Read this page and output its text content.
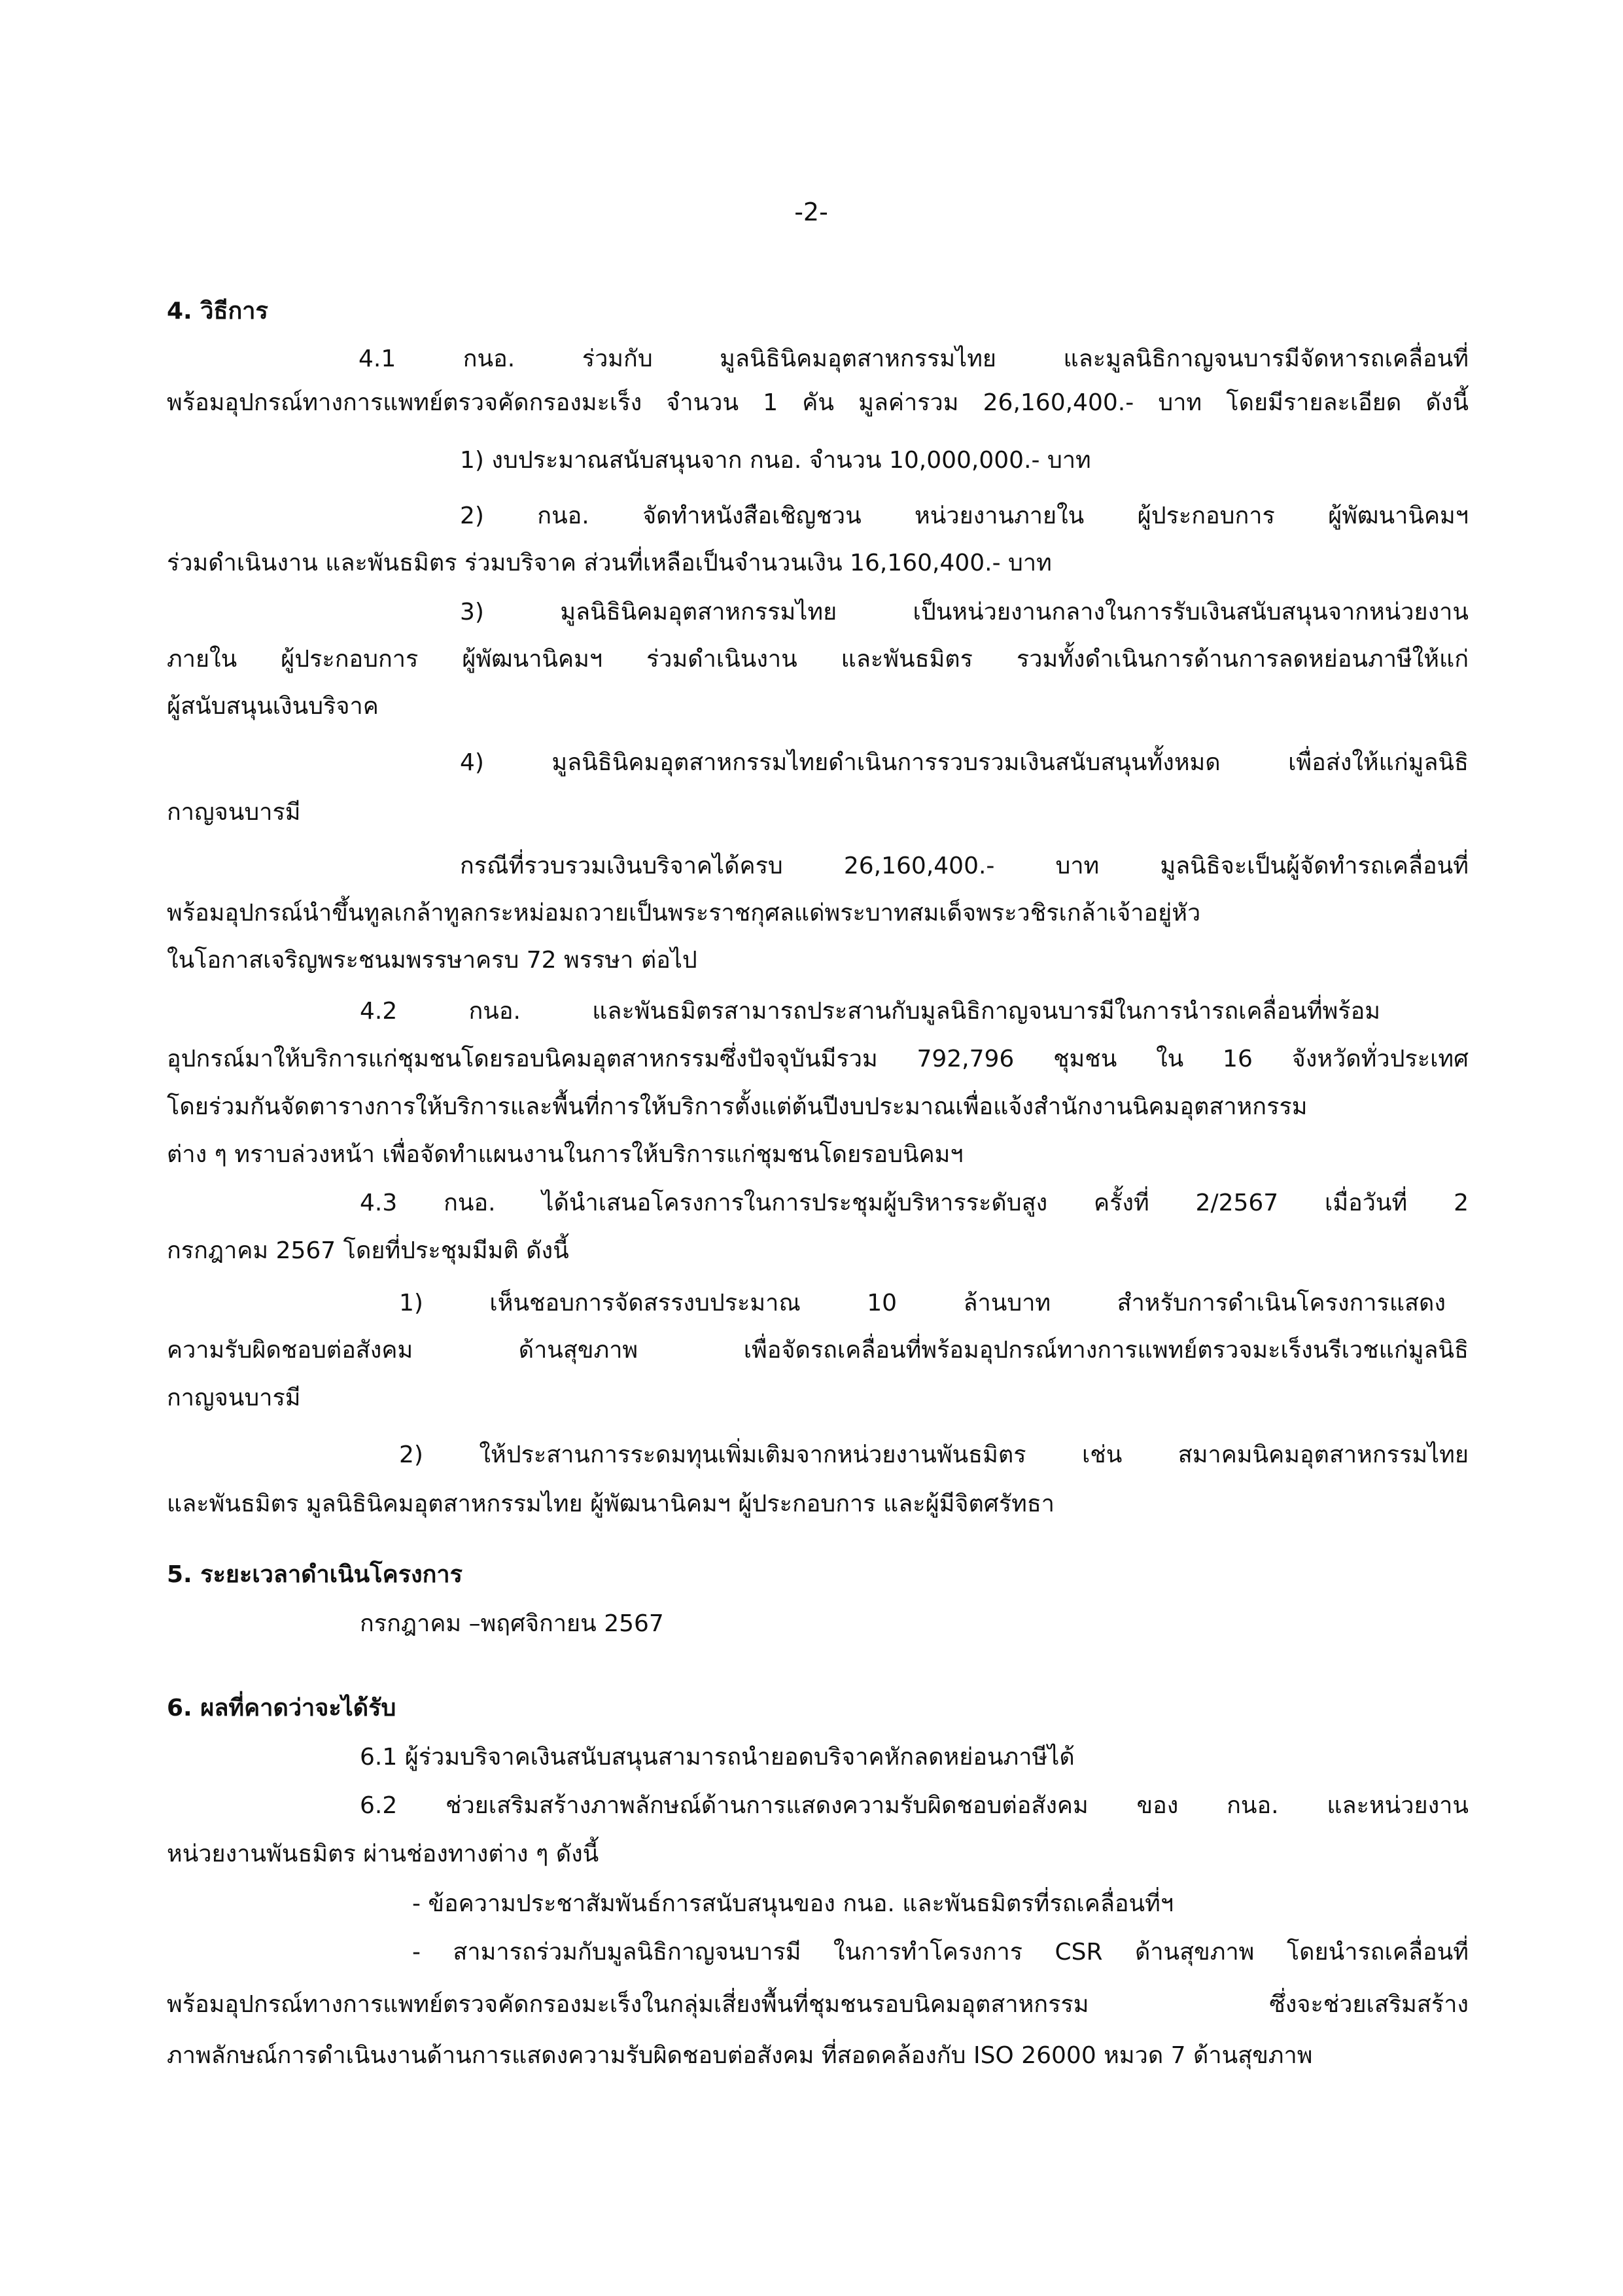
-2-
4. วิธีการ
4.1 กนอ. ร่วมกับ มูลนิธินิคมอุตสาหกรรมไทย และมูลนิธิกาญจนบารมีจัดหารถเคลื่อนที่
พร้อมอุปกรณ์ทางการแพทย์ตรวจคัดกรองมะเร็ง จำนวน 1 คัน มูลค่ารวม 26,160,400.- บาท โดยมีรายละเอียด ดังนี้
1) งบประมาณสนับสนุนจาก กนอ. จำนวน 10,000,000.- บาท
2) กนอ. จัดทำหนังสือเชิญชวน หน่วยงานภายใน ผู้ประกอบการ ผู้พัฒนานิคมฯ
ร่วมดำเนินงาน และพันธมิตร ร่วมบริจาค ส่วนที่เหลือเป็นจำนวนเงิน 16,160,400.- บาท
3) มูลนิธินิคมอุตสาหกรรมไทย เป็นหน่วยงานกลางในการรับเงินสนับสนุนจากหน่วยงาน
ภายใน ผู้ประกอบการ ผู้พัฒนานิคมฯ ร่วมดำเนินงาน และพันธมิตร รวมทั้งดำเนินการด้านการลดหย่อนภาษีให้แก่
ผู้สนับสนุนเงินบริจาค
4) มูลนิธินิคมอุตสาหกรรมไทยดำเนินการรวบรวมเงินสนับสนุนทั้งหมด เพื่อส่งให้แก่มูลนิธิ
กาญจนบารมี
กรณีที่รวบรวมเงินบริจาคได้ครบ 26,160,400.- บาท มูลนิธิจะเป็นผู้จัดทำรถเคลื่อนที่
พร้อมอุปกรณ์นำขึ้นทูลเกล้าทูลกระหม่อมถวายเป็นพระราชกุศลแด่พระบาทสมเด็จพระวชิรเกล้าเจ้าอยู่หัว
ในโอกาสเจริญพระชนมพรรษาครบ 72 พรรษา ต่อไป
4.2 กนอ. และพันธมิตรสามารถประสานกับมูลนิธิกาญจนบารมีในการนำรถเคลื่อนที่พร้อม
อุปกรณ์มาให้บริการแก่ชุมชนโดยรอบนิคมอุตสาหกรรมซึ่งปัจจุบันมีรวม 792,796 ชุมชน ใน 16 จังหวัดทั่วประเทศ
โดยร่วมกันจัดตารางการให้บริการและพื้นที่การให้บริการตั้งแต่ต้นปีงบประมาณเพื่อแจ้งสำนักงานนิคมอุตสาหกรรม
ต่าง ๆ ทราบล่วงหน้า เพื่อจัดทำแผนงานในการให้บริการแก่ชุมชนโดยรอบนิคมฯ
4.3 กนอ. ได้นำเสนอโครงการในการประชุมผู้บริหารระดับสูง ครั้งที่ 2/2567 เมื่อวันที่ 2
กรกฎาคม 2567 โดยที่ประชุมมีมติ ดังนี้
1) เห็นชอบการจัดสรรงบประมาณ 10 ล้านบาท สำหรับการดำเนินโครงการแสดง
ความรับผิดชอบต่อสังคม ด้านสุขภาพ เพื่อจัดรถเคลื่อนที่พร้อมอุปกรณ์ทางการแพทย์ตรวจมะเร็งนรีเวชแก่มูลนิธิ
กาญจนบารมี
2) ให้ประสานการระดมทุนเพิ่มเติมจากหน่วยงานพันธมิตร เช่น สมาคมนิคมอุตสาหกรรมไทย
และพันธมิตร มูลนิธินิคมอุตสาหกรรมไทย ผู้พัฒนานิคมฯ ผู้ประกอบการ และผู้มีจิตศรัทธา
5. ระยะเวลาดำเนินโครงการ
กรกฎาคม –พฤศจิกายน 2567
6. ผลที่คาดว่าจะได้รับ
6.1 ผู้ร่วมบริจาคเงินสนับสนุนสามารถนำยอดบริจาคหักลดหย่อนภาษีได้
6.2 ช่วยเสริมสร้างภาพลักษณ์ด้านการแสดงความรับผิดชอบต่อสังคม ของ กนอ. และหน่วยงาน
หน่วยงานพันธมิตร ผ่านช่องทางต่าง ๆ ดังนี้
- ข้อความประชาสัมพันธ์การสนับสนุนของ กนอ. และพันธมิตรที่รถเคลื่อนที่ฯ
- สามารถร่วมกับมูลนิธิกาญจนบารมี ในการทำโครงการ CSR ด้านสุขภาพ โดยนำรถเคลื่อนที่
พร้อมอุปกรณ์ทางการแพทย์ตรวจคัดกรองมะเร็งในกลุ่มเสี่ยงพื้นที่ชุมชนรอบนิคมอุตสาหกรรม ซึ่งจะช่วยเสริมสร้าง
ภาพลักษณ์การดำเนินงานด้านการแสดงความรับผิดชอบต่อสังคม ที่สอดคล้องกับ ISO 26000 หมวด 7 ด้านสุขภาพ
